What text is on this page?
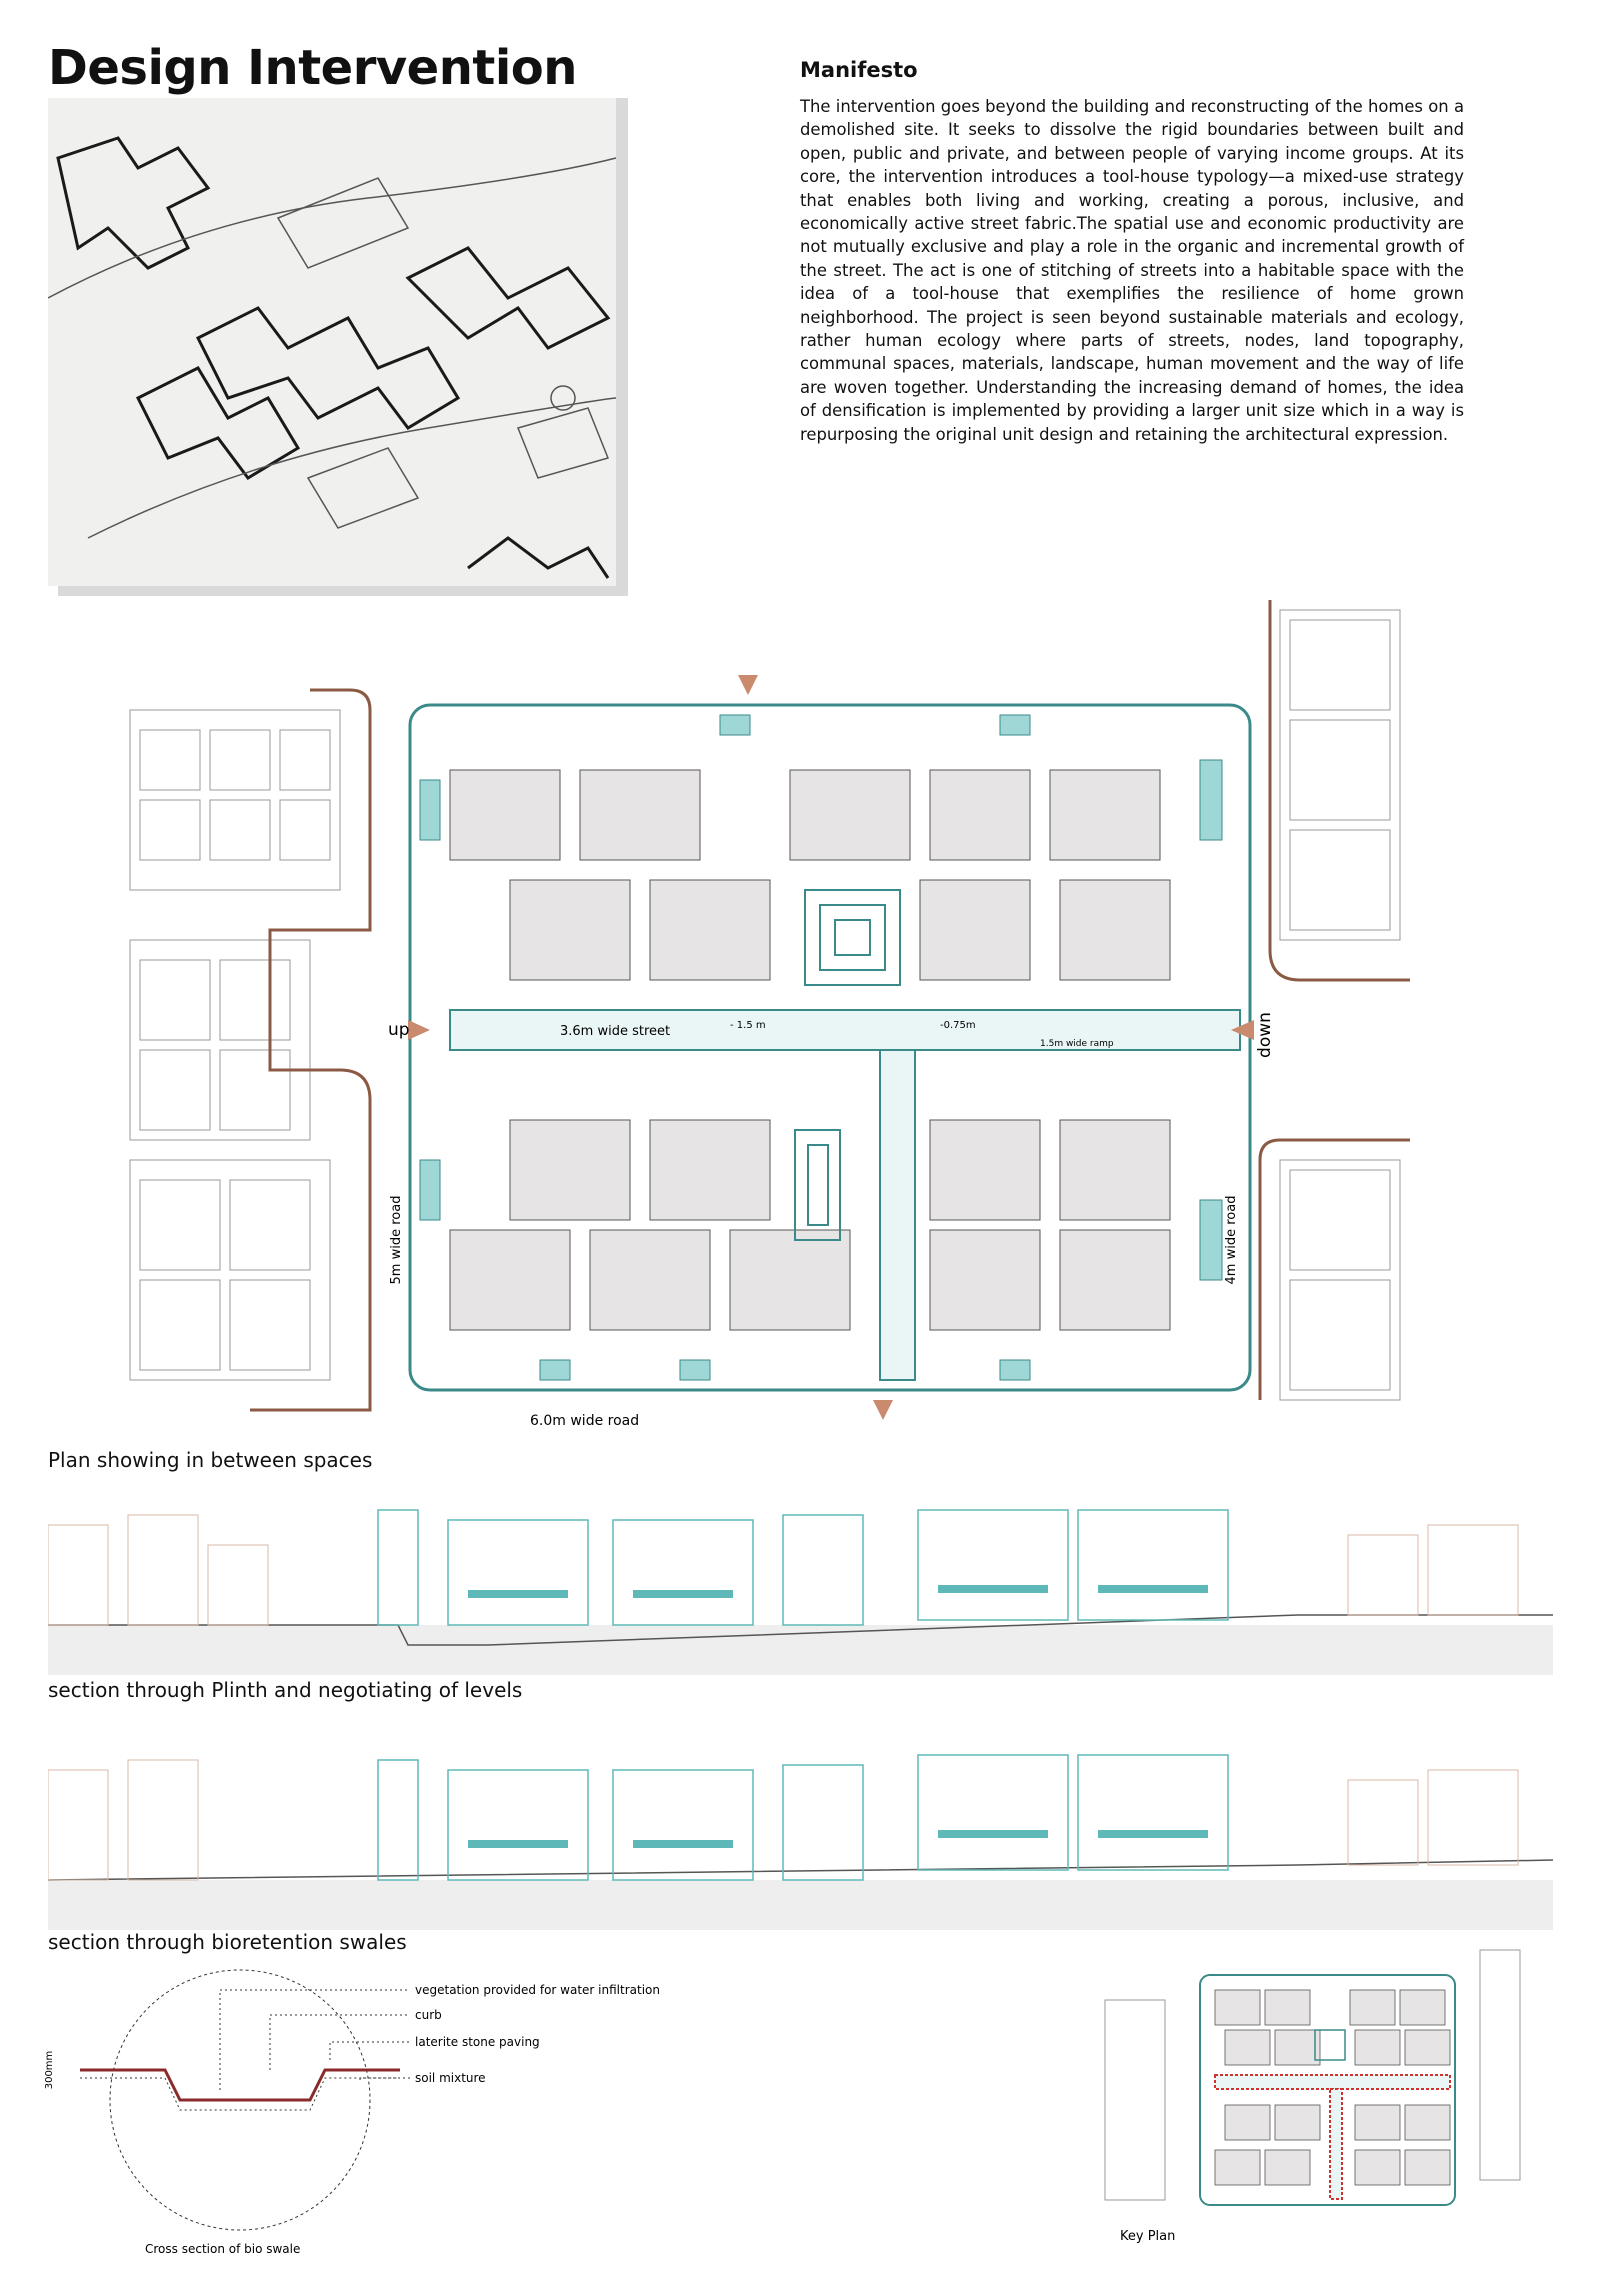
Design Intervention	Manifesto
The intervention goes beyond the building and reconstructing of the homes on a demolished site. It seeks to dissolve the rigid boundaries between built and open, public and private, and between people of varying income groups. At its core, the intervention introduces a tool-house typology—a mixed-use strategy that enables both living and working, creating a porous, inclusive, and economically active street fabric.The spatial use and economic productivity are not mutually exclusive and play a role in the organic and incremental growth of the street. The act is one of stitching of streets into a habitable space with the idea of a tool-house that exemplifies the resilience of home grown neighborhood. The project is seen beyond sustainable materials and ecology, rather human ecology where parts of streets, nodes, land topography, communal spaces, materials, landscape, human movement and the way of life are woven together. Understanding the increasing demand of homes, the idea of densification is implemented by providing a larger unit size which in a way is repurposing the original unit design and retaining the architectural expression.
3.6m wide street	- 1.5 m	-0.75m
1.5m wide ramp
up	down
5m wide road	4m wide road
6.0m wide road
Plan showing in between spaces
section through Plinth and negotiating of levels
section through bioretention swales
vegetation provided for water infiltration
curb
laterite stone paving
soil mixture
300mm
Cross section of bio swale
Key Plan
